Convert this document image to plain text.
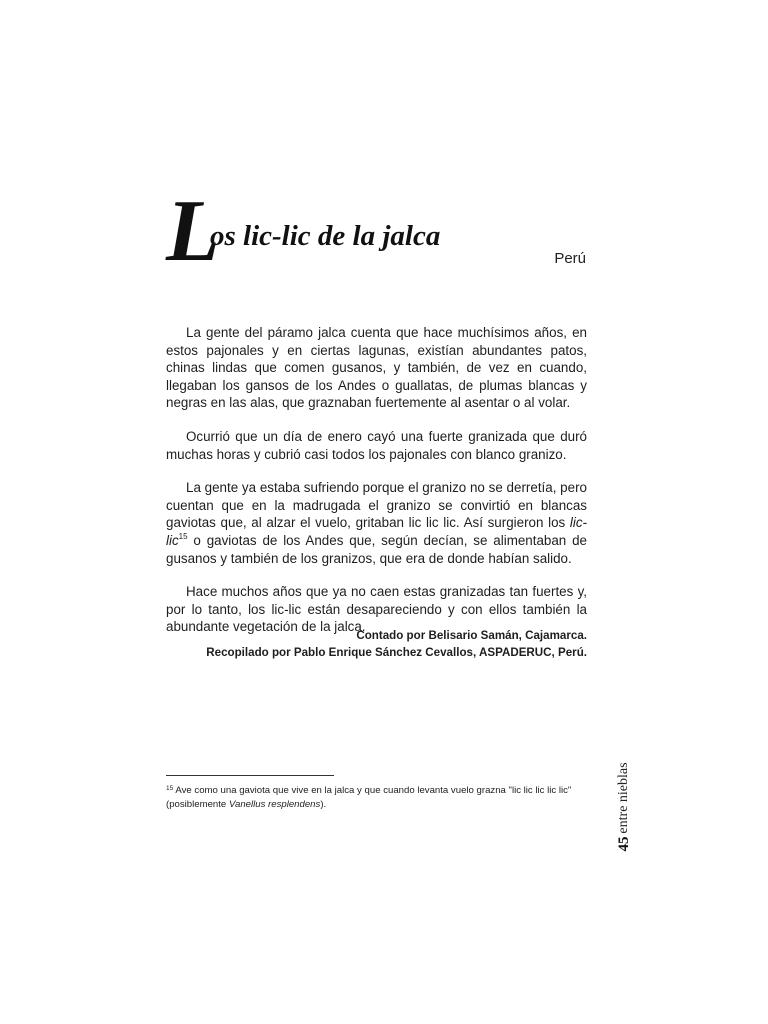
L
os lic-lic de la jalca
Perú

La gente del páramo jalca cuenta que hace muchísimos años, en estos pajonales y en ciertas lagunas, existían abundantes patos, chinas lindas que comen gusanos, y también, de vez en cuando, llegaban los gansos de los Andes o guallatas, de plumas blancas y negras en las alas, que graznaban fuertemente al asentar o al volar.

Ocurrió que un día de enero cayó una fuerte granizada que duró muchas horas y cubrió casi todos los pajonales con blanco granizo.

La gente ya estaba sufriendo porque el granizo no se derretía, pero cuentan que en la madrugada el granizo se convirtió en blancas gaviotas que, al alzar el vuelo, gritaban lic lic lic. Así surgieron los lic-lic$^{15}$ o gaviotas de los Andes que, según decían, se alimentaban de gusanos y también de los granizos, que era de donde habían salido.

Hace muchos años que ya no caen estas granizadas tan fuertes y, por lo tanto, los lic-lic están desapareciendo y con ellos también la abundante vegetación de la jalca.

Contado por Belisario Samán, Cajamarca.
Recopilado por Pablo Enrique Sánchez Cevallos, ASPADERUC, Perú.
$^{15}$ Ave como una gaviota que vive en la jalca y que cuando levanta vuelo grazna "lic lic lic lic lic" (posiblemente Vanellus resplendens).	entre nieblas
45
